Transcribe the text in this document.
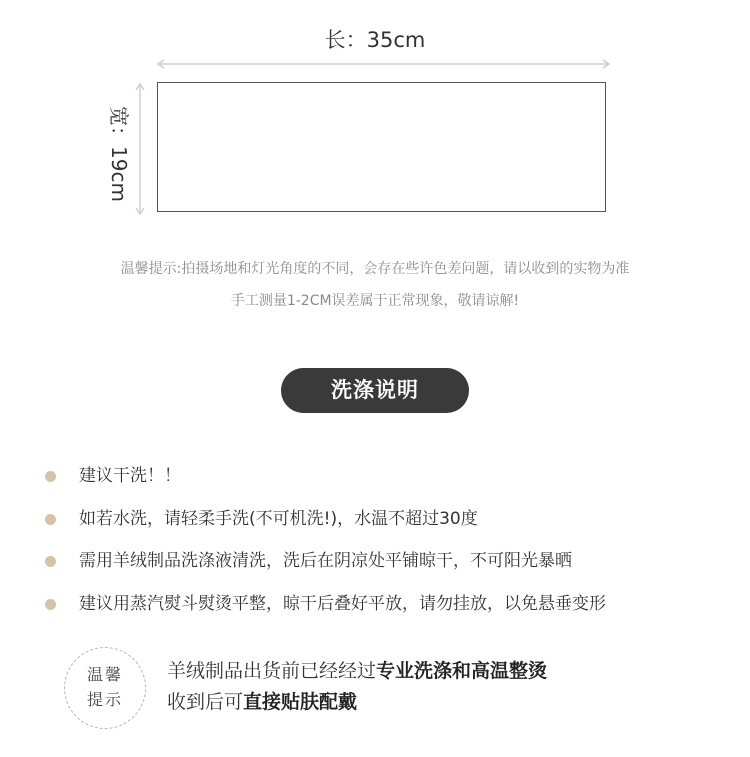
长：35cm
宽：19cm
温馨提示:拍摄场地和灯光角度的不同，会存在些许色差问题，请以收到的实物为准
手工测量1-2CM误差属于正常现象，敬请谅解!
洗涤说明
建议干洗！！
如若水洗，请轻柔手洗(不可机洗!)，水温不超过30度
需用羊绒制品洗涤液清洗，洗后在阴凉处平铺晾干，不可阳光暴晒
建议用蒸汽熨斗熨烫平整，晾干后叠好平放，请勿挂放，以免悬垂变形
温馨
提示
羊绒制品出货前已经经过专业洗涤和高温整烫
收到后可直接贴肤配戴
